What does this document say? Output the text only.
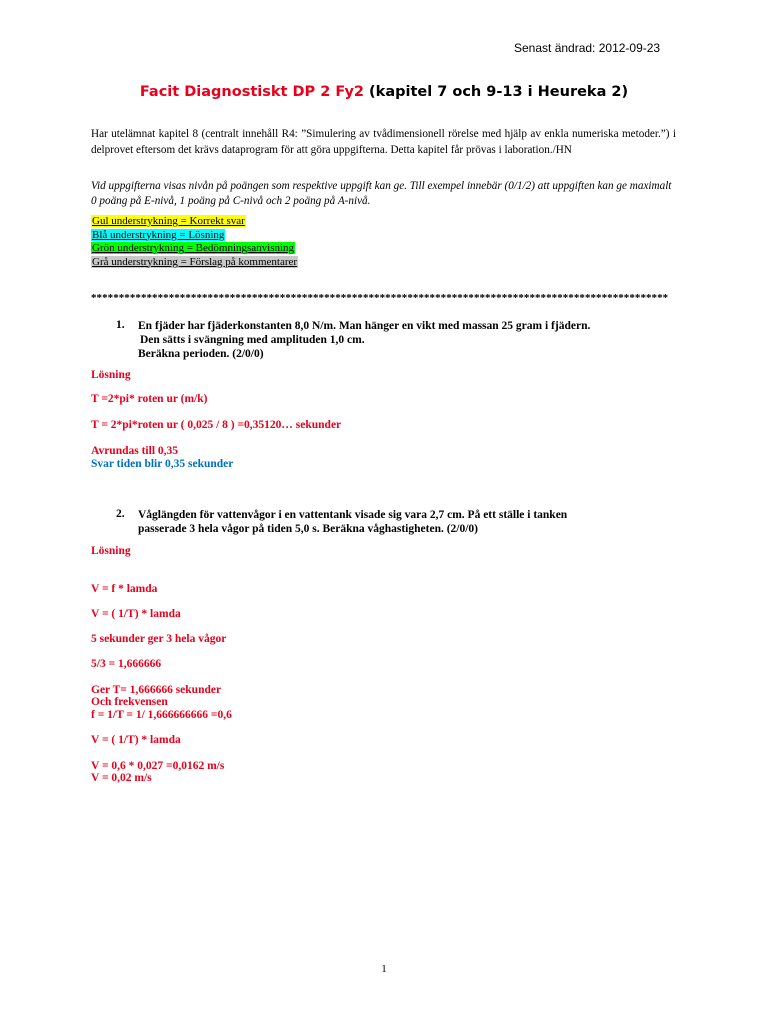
Senast ändrad: 2012-09-23
Facit Diagnostiskt DP 2 Fy2 (kapitel 7 och 9-13 i Heureka 2)
Har utelämnat kapitel 8 (centralt innehåll R4: ”Simulering av tvådimensionell rörelse med hjälp av enkla numeriska metoder.”) i delprovet eftersom det krävs dataprogram för att göra uppgifterna. Detta kapitel får prövas i laboration./HN
Vid uppgifterna visas nivån på poängen som respektive uppgift kan ge. Till exempel innebär (0/1/2) att uppgiften kan ge maximalt 0 poäng på E-nivå, 1 poäng på C-nivå och 2 poäng på A-nivå.
Gul understrykning = Korrekt svar
Blå understrykning = Lösning
Grön understrykning = Bedömningsanvisning
Grå understrykning = Förslag på kommentarer
********************************************************************************************************
1. En fjäder har fjäderkonstanten 8,0 N/m. Man hänger en vikt med massan 25 gram i fjädern.
Den sätts i svängning med amplituden 1,0 cm.
Beräkna perioden. (2/0/0)
Lösning
T =2*pi* roten ur (m/k)
T = 2*pi*roten ur ( 0,025 / 8 ) =0,35120… sekunder
Avrundas till 0,35
Svar tiden blir 0,35 sekunder
2. Våglängden för vattenvågor i en vattentank visade sig vara 2,7 cm. På ett ställe i tanken
passerade 3 hela vågor på tiden 5,0 s. Beräkna våghastigheten. (2/0/0)
Lösning
V = f * lamda
V = ( 1/T) * lamda
5 sekunder ger 3 hela vågor
5/3 = 1,666666
Ger T= 1,666666 sekunder
Och frekvensen
f = 1/T = 1/ 1,666666666 =0,6
V = ( 1/T) * lamda
V = 0,6 * 0,027 =0,0162 m/s
V = 0,02 m/s
1
